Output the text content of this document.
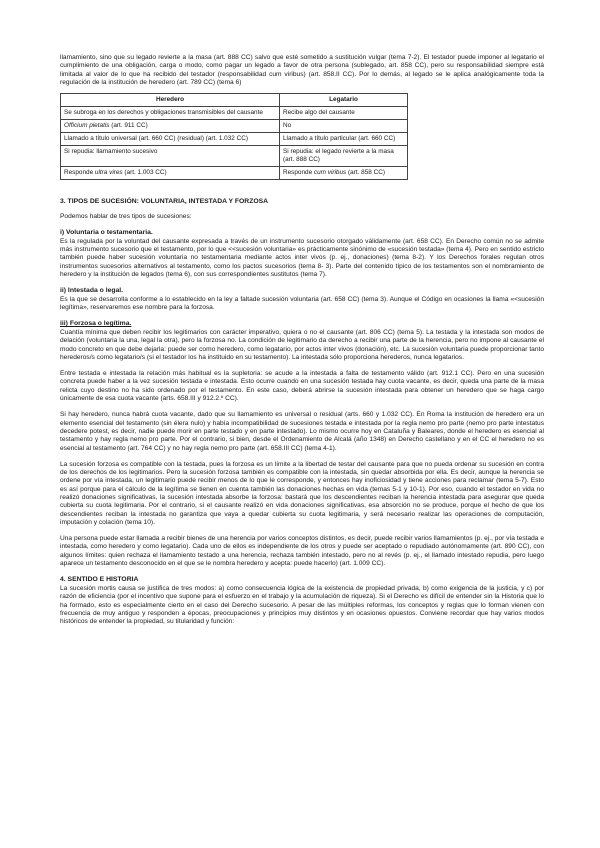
llamamiento, sino que su legado revierte a la masa (art. 888 CC) salvo que esté sometido a sustitución vulgar (tema 7-2). El testador puede imponer al legatario el cumplimiento de una obligación, carga o modo, como pagar un legado a favor de otra persona (sublegado, art. 858 CC), pero su responsabilidad siempre está limitada al valor de lo que ha recibido del testador (responsabilidad cum viribus) (art. 858.II CC). Por lo demás, al legado se le aplica analógicamente toda la regulación de la institución de heredero (art. 789 CC) (tema 6)

Heredero	Legatario
Se subroga en los derechos y obligaciones transmisibles del causante	Recibe algo del causante
Officium pietatis (art. 911 CC)	No
Llamado a título universal (art. 660 CC) (residual) (art. 1.032 CC)	Llamado a título particular (art. 660 CC)
Si repudia: llamamiento sucesivo	Si repudia: el legado revierte a la masa (art. 888 CC)
Responde ultra vires (art. 1.003 CC)	Responde cum viribus (art. 858 CC)

3. TIPOS DE SUCESIÓN: VOLUNTARIA, INTESTADA Y FORZOSA

Podemos hablar de tres tipos de sucesiones:

i) Voluntaria o testamentaria.

Es la regulada por la voluntad del causante expresada a través de un instrumento sucesorio otorgado válidamente (art. 658 CC). En Derecho común no se admite más instrumento sucesorio que el testamento, por lo que <<sucesión voluntaria» es prácticamente sinónimo de «sucesión testada» (tema 4). Pero en sentido estricto también puede haber sucesión voluntaria no testamentaria mediante actos inter vivos (p. ej., donaciones) (tema 8-2). Y los Derechos forales regulan otros instrumentos sucesorios alternativos al testamento, como los pactos sucesorios (tema 8- 3). Parte del contenido típico de los testamentos son el nombramiento de heredero y la institución de legados (tema 6), con sus correspondientes sustitutos (tema 7).

ii) Intestada o legal.

Es la que se desarrolla conforme a lo establecido en la ley a faltade sucesión voluntaria (art. 658 CC) (tema 3). Aunque el Código en ocasiones la llama «<sucesión legítima», reservaremos ese nombre para la forzosa.

iii) Forzosa o legítima.

Cuantía mínima que deben recibir los legitimarios con carácter imperativo, quiera o no el causante (art. 806 CC) (tema 5). La testada y la intestada son modos de delación (voluntaria la una, legal la otra), pero la forzosa no. La condición de legitimario da derecho a recibir una parte de la herencia, pero no impone al causante el modo concreto en que debe dejarla: puede ser como heredero, como legatario, por actos inter vivos (donación), etc. La sucesión voluntaria puede proporcionar tanto herederos/s como legatario/s (si el testador los ha instituido en su testamento). La intestada sólo proporciona herederos, nunca legatarios.

Entre testada e intestada la relación más habitual es la supletoria: se acude a la intestada a falta de testamento válido (art. 912.1 CC). Pero en una sucesión concreta puede haber a la vez sucesión testada e intestada. Esto ocurre cuando en una sucesión testada hay cuota vacante, es decir, queda una parte de la masa relicta cuyo destino no ha sido ordenado por el testamento. En este caso, deberá abrirse la sucesión intestada para obtener un heredero que se haga cargo únicamente de esa cuota vacante (arts. 658.III y 912.2.º CC).

Si hay heredero, nunca habrá cuota vacante, dado que su llamamiento es universal o residual (arts. 660 y 1.032 CC). En Roma la institución de heredero era un elemento esencial del testamento (sin élera nulo) y había incompatibilidad de sucesiones testada e intestada por la regla nemo pro parte (nemo pro parte intestatus decedere potest, es decir, nadie puede morir en parte testado y en parte intestado). Lo mismo ocurre hoy en Cataluña y Baleares, donde el heredero es esencial al testamento y hay regla nemo pro parte. Por el contrario, si bien, desde el Ordenamiento de Alcalá (año 1348) en Derecho castellano y en el CC el heredero no es esencial al testamento (art. 764 CC) y no hay regla nemo pro parte (art. 658.III CC) (tema 4-1).

La sucesión forzosa es compatible con la testada, pues la forzosa es un límite a la libertad de testar del causante para que no pueda ordenar su sucesión en contra de los derechos de los legitimarios. Pero la sucesión forzosa también es compatible con la intestada, sin quedar absorbida por ella. Es decir, aunque la herencia se ordene por vía intestada, un legitimario puede recibir menos de lo que le corresponde, y entonces hay inoficiosidad y tiene acciones para reclamar (tema 5-7). Esto es así porque para el cálculo de la legítima se tienen en cuenta también las donaciones hechas en vida (temas 5-1 y 10-1). Por eso, cuando el testador en vida no realizó donaciones significativas, la sucesión intestada absorbe la forzosa: bastará que los descendientes reciban la herencia intestada para asegurar que queda cubierta su cuota legitimaria. Por el contrario, si el causante realizó en vida donaciones significativas, esa absorción no se produce, porque el hecho de que los descendientes reciban la intestada no garantiza que vaya a quedar cubierta su cuota legitimaria, y será necesario realizar las operaciones de computación, imputación y colación (tema 10).

Una persona puede estar llamada a recibir bienes de una herencia por varios conceptos distintos, es decir, puede recibir varios llamamientos (p. ej., por vía testada e intestada, como heredero y como legatario). Cada uno de ellos es independiente de los otros y puede ser aceptado o repudiado autónomamente (art. 890 CC), con algunos límites: quien rechaza el llamamiento testado a una herencia, rechaza también intestado, pero no al revés (p. ej., el llamado intestado repudia, pero luego aparece un testamento desconocido en el que se le nombra heredero y acepta: puede hacerlo) (art. 1.009 CC).

4. SENTIDO E HISTORIA

La sucesión mortis causa se justifica de tres modos: a) como consecuencia lógica de la existencia de propiedad privada, b) como exigencia de la justicia, y c) por razón de eficiencia (por el incentivo que supone para el esfuerzo en el trabajo y la acumulación de riqueza). Si el Derecho es difícil de entender sin la Historia que lo ha formado, esto es especialmente cierto en el caso del Derecho sucesorio. A pesar de las múltiples reformas, los conceptos y reglas que lo forman vienen con frecuencia de muy antiguo y responden a épocas, preocupaciones y principios muy distintos y en ocasiones opuestos. Conviene recordar que hay varios modos históricos de entender la propiedad, su titularidad y función:
